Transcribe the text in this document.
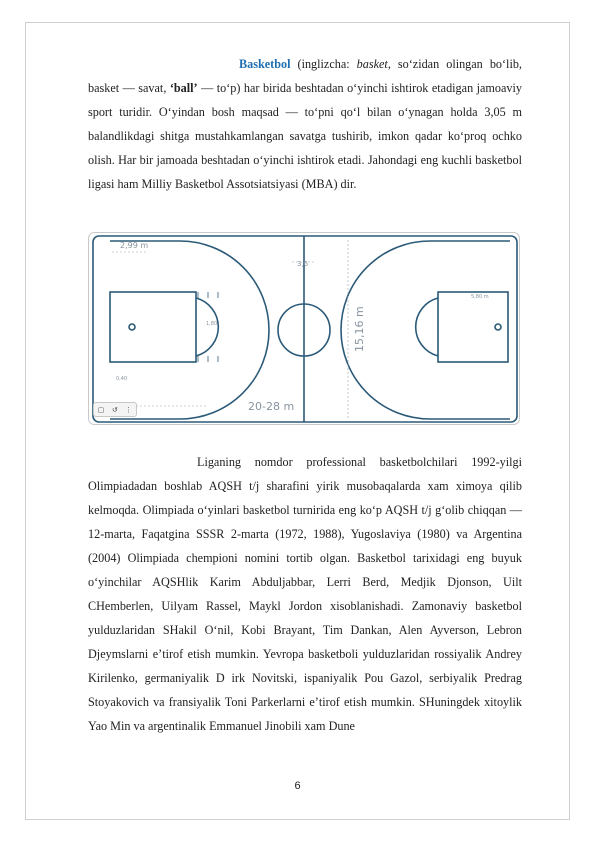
Basketbol (inglizcha: basket, soʻzidan olingan boʻlib, basket — savat, ‘ball’ — toʻp) har birida beshtadan oʻyinchi ishtirok etadigan jamoaviy sport turidir. Oʻyindan bosh maqsad — toʻpni qoʻl bilan oʻynagan holda 3,05 m balandlikdagi shitga mustahkamlangan savatga tushirib, imkon qadar koʻproq ochko olish. Har bir jamoada beshtadan oʻyinchi ishtirok etadi. Jahondagi eng kuchli basketbol ligasi ham Milliy Basketbol Assotsiatsiyasi (MBA) dir.
2,99 m
3,6
15,16 m
20-28 m
5,80 m
1,80
0,40
▢ ↺ ⋮
Liganing nomdor professional basketbolchilari 1992-yilgi Olimpiadadan boshlab AQSH t/j sharafini yirik musobaqalarda xam ximoya qilib kelmoqda. Olimpiada oʻyinlari basketbol turnirida eng koʻp AQSH t/j gʻolib chiqqan — 12-marta, Faqatgina SSSR 2-marta (1972, 1988), Yugoslaviya (1980) va Argentina (2004) Olimpiada chempioni nomini tortib olgan. Basketbol tarixidagi eng buyuk oʻyinchilar AQSHlik Karim Abduljabbar, Lerri Berd, Medjik Djonson, Uilt CHemberlen, Uilyam Rassel, Maykl Jordon xisoblanishadi. Zamonaviy basketbol yulduzlaridan SHakil Oʻnil, Kobi Brayant, Tim Dankan, Alen Ayverson, Lebron Djeymslarni eʼtirof etish mumkin. Yevropa basketboli yulduzlaridan rossiyalik Andrey Kirilenko, germaniyalik D irk Novitski, ispaniyalik Pou Gazol, serbiyalik Predrag Stoyakovich va fransiyalik Toni Parkerlarni eʼtirof etish mumkin. SHuningdek xitoylik Yao Min va argentinalik Emmanuel Jinobili xam Dune
6
